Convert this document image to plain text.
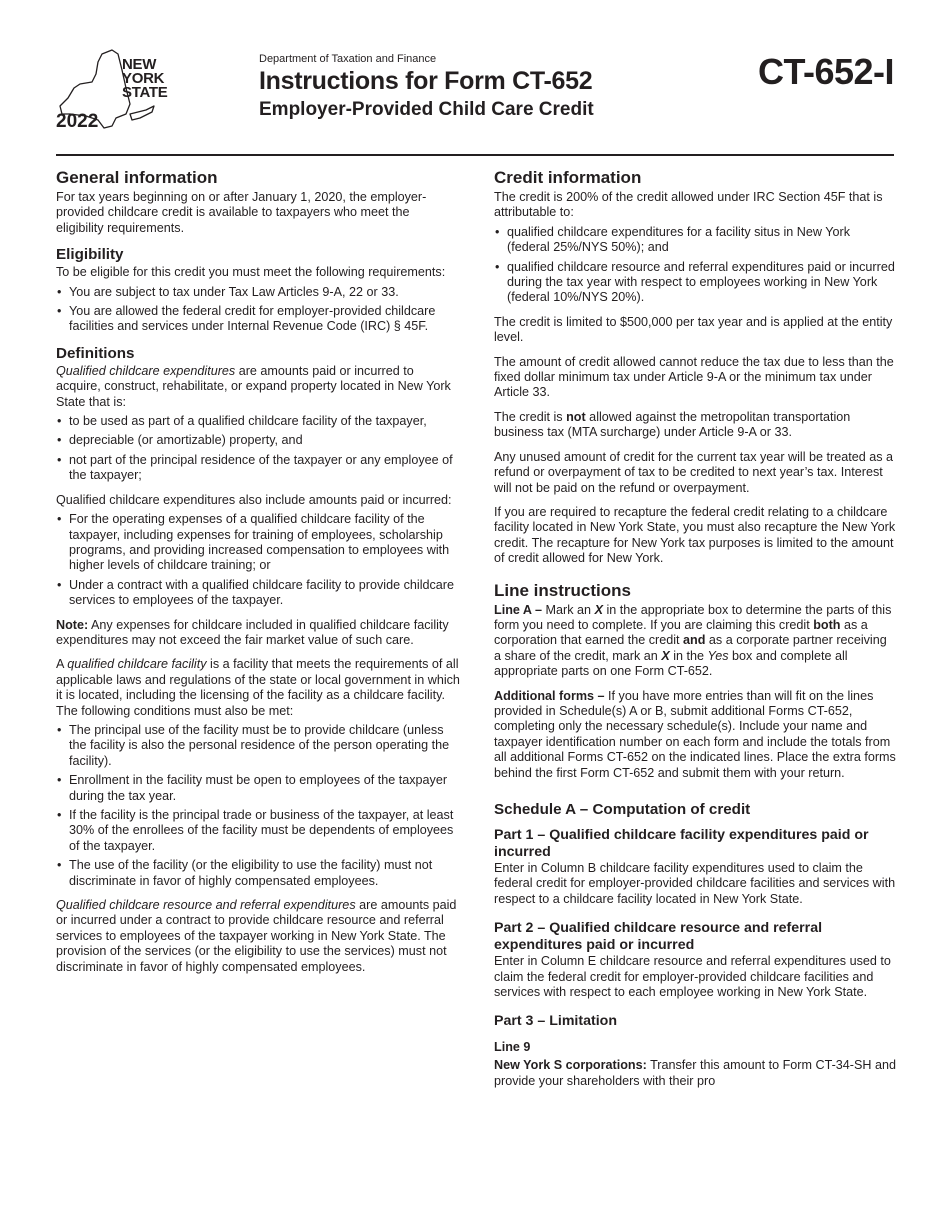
NEW
YORK
STATE
2022
Department of Taxation and Finance
Instructions for Form CT-652
Employer-Provided Child Care Credit
CT-652-I
General information

For tax years beginning on or after January 1, 2020, the employer-provided childcare credit is available to taxpayers who meet the eligibility requirements.

Eligibility

To be eligible for this credit you must meet the following requirements:

• You are subject to tax under Tax Law Articles 9-A, 22 or 33.
• You are allowed the federal credit for employer-provided childcare facilities and services under Internal Revenue Code (IRC) § 45F.
Definitions

Qualified childcare expenditures are amounts paid or incurred to acquire, construct, rehabilitate, or expand property located in New York State that is:

• to be used as part of a qualified childcare facility of the taxpayer,
• depreciable (or amortizable) property, and
• not part of the principal residence of the taxpayer or any employee of the taxpayer;

Qualified childcare expenditures also include amounts paid or incurred:

• For the operating expenses of a qualified childcare facility of the taxpayer, including expenses for training of employees, scholarship programs, and providing increased compensation to employees with higher levels of childcare training; or
• Under a contract with a qualified childcare facility to provide childcare services to employees of the taxpayer.

Note: Any expenses for childcare included in qualified childcare facility expenditures may not exceed the fair market value of such care.

A qualified childcare facility is a facility that meets the requirements of all applicable laws and regulations of the state or local government in which it is located, including the licensing of the facility as a childcare facility. The following conditions must also be met:

• The principal use of the facility must be to provide childcare (unless the facility is also the personal residence of the person operating the facility).
• Enrollment in the facility must be open to employees of the taxpayer during the tax year.
• If the facility is the principal trade or business of the taxpayer, at least 30% of the enrollees of the facility must be dependents of employees of the taxpayer.
• The use of the facility (or the eligibility to use the facility) must not discriminate in favor of highly compensated employees.

Qualified childcare resource and referral expenditures are amounts paid or incurred under a contract to provide childcare resource and referral services to employees of the taxpayer working in New York State. The provision of the services (or the eligibility to use the services) must not discriminate in favor of highly compensated employees.

Credit information

The credit is 200% of the credit allowed under IRC Section 45F that is attributable to:

• qualified childcare expenditures for a facility situs in New York (federal 25%/NYS 50%); and
• qualified childcare resource and referral expenditures paid or incurred during the tax year with respect to employees working in New York (federal 10%/NYS 20%).

The credit is limited to $500,000 per tax year and is applied at the entity level.

The amount of credit allowed cannot reduce the tax due to less than the fixed dollar minimum tax under Article 9-A or the minimum tax under Article 33.

The credit is not allowed against the metropolitan transportation business tax (MTA surcharge) under Article 9-A or 33.

Any unused amount of credit for the current tax year will be treated as a refund or overpayment of tax to be credited to next year’s tax. Interest will not be paid on the refund or overpayment.

If you are required to recapture the federal credit relating to a childcare facility located in New York State, you must also recapture the New York credit. The recapture for New York tax purposes is limited to the amount of credit allowed for New York.

Line instructions

Line A – Mark an X in the appropriate box to determine the parts of this form you need to complete. If you are claiming this credit both as a corporation that earned the credit and as a corporate partner receiving a share of the credit, mark an X in the Yes box and complete all appropriate parts on one Form CT-652.

Additional forms – If you have more entries than will fit on the lines provided in Schedule(s) A or B, submit additional Forms CT-652, completing only the necessary schedule(s). Include your name and taxpayer identification number on each form and include the totals from all additional Forms CT-652 on the indicated lines. Place the extra forms behind the first Form CT-652 and submit them with your return.

Schedule A – Computation of credit
Part 1 – Qualified childcare facility expenditures paid or incurred

Enter in Column B childcare facility expenditures used to claim the federal credit for employer-provided childcare facilities and services with respect to a childcare facility located in New York State.

Part 2 – Qualified childcare resource and referral expenditures paid or incurred

Enter in Column E childcare resource and referral expenditures used to claim the federal credit for employer-provided childcare facilities and services with respect to each employee working in New York State.

Part 3 – Limitation
Line 9

New York S corporations: Transfer this amount to Form CT-34-SH and provide your shareholders with their pro
